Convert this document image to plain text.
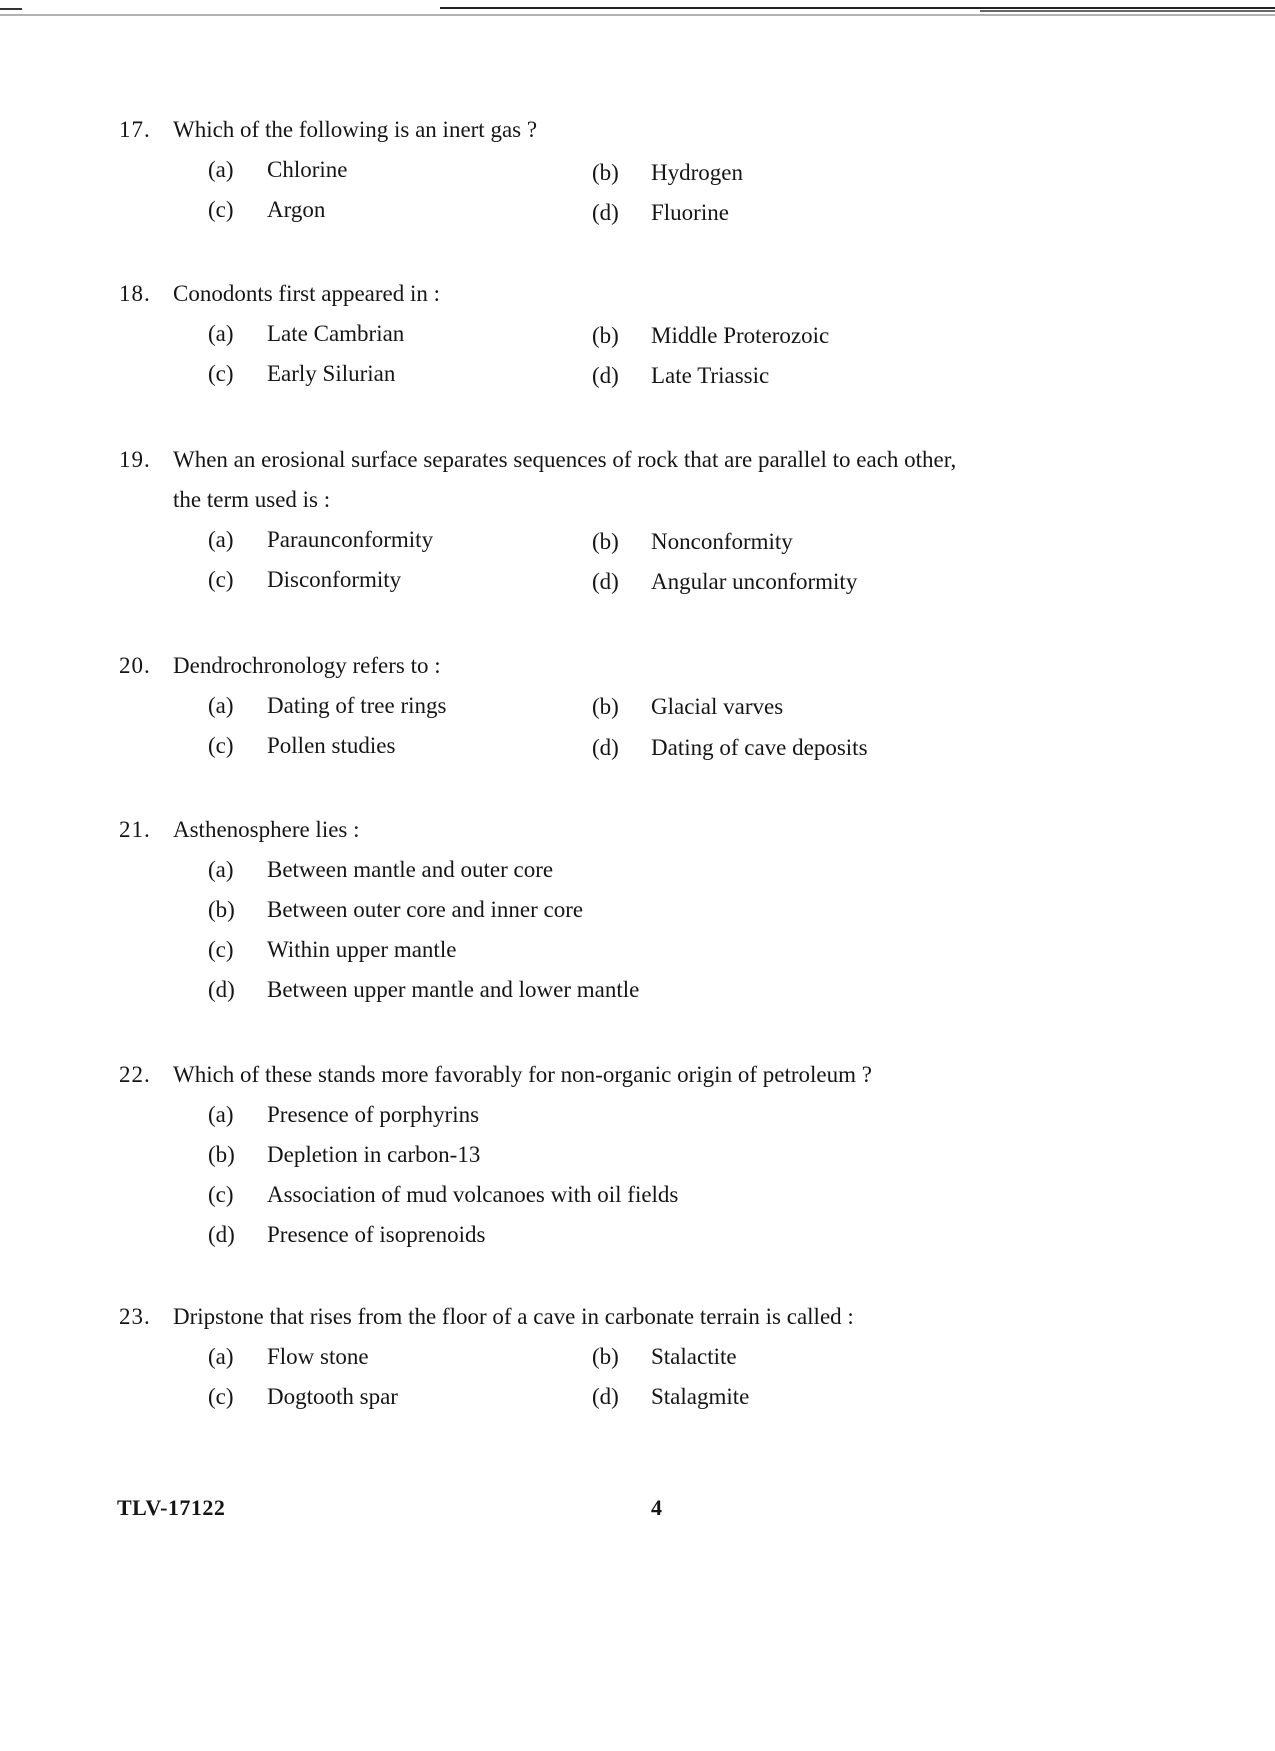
17. Which of the following is an inert gas ?
(a) Chlorine	(b) Hydrogen
(c) Argon	(d) Fluorine
18. Conodonts first appeared in :
(a) Late Cambrian	(b) Middle Proterozoic
(c) Early Silurian	(d) Late Triassic
19. When an erosional surface separates sequences of rock that are parallel to each other, the term used is :
(a) Paraunconformity	(b) Nonconformity
(c) Disconformity	(d) Angular unconformity
20. Dendrochronology refers to :
(a) Dating of tree rings	(b) Glacial varves
(c) Pollen studies	(d) Dating of cave deposits
21. Asthenosphere lies :
(a) Between mantle and outer core
(b) Between outer core and inner core
(c) Within upper mantle
(d) Between upper mantle and lower mantle
22. Which of these stands more favorably for non-organic origin of petroleum ?
(a) Presence of porphyrins
(b) Depletion in carbon-13
(c) Association of mud volcanoes with oil fields
(d) Presence of isoprenoids
23. Dripstone that rises from the floor of a cave in carbonate terrain is called :
(a) Flow stone	(b) Stalactite
(c) Dogtooth spar	(d) Stalagmite
TLV-17122	4
